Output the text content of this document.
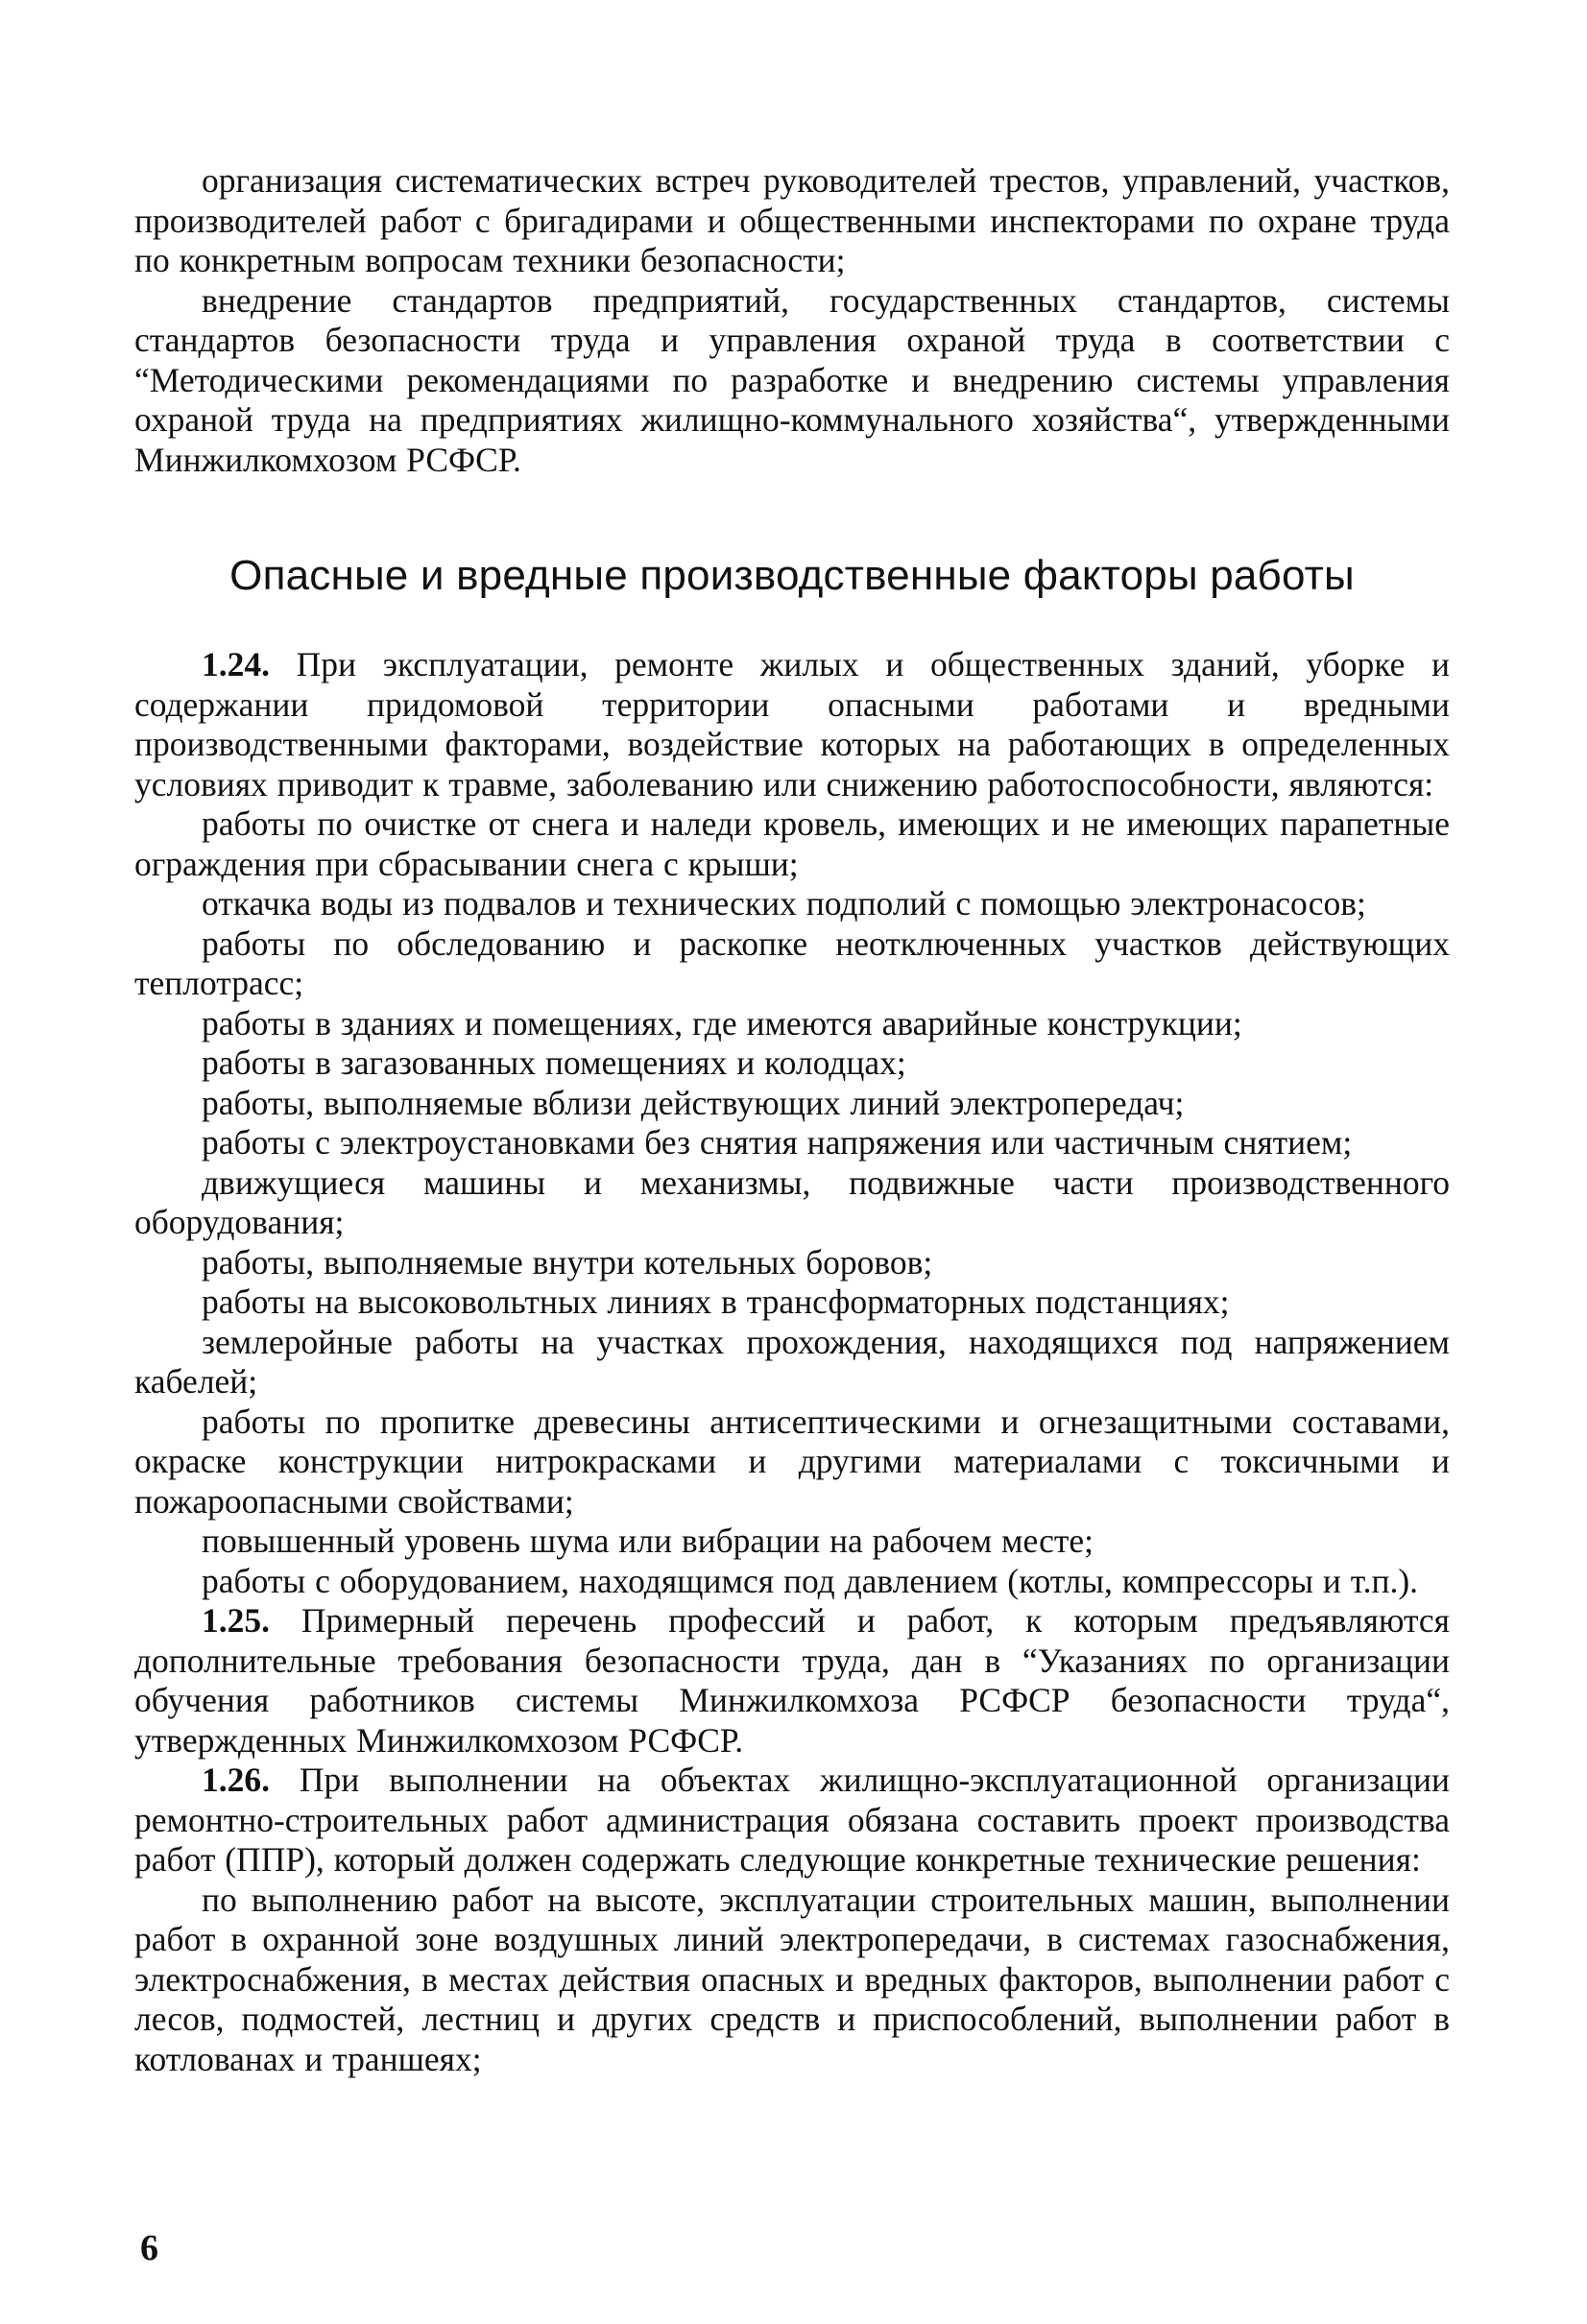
организация систематических встреч руководителей трестов, управлений, участков, производителей работ с бригадирами и общественными инспекторами по охране труда по конкретным вопросам техники безопасности;

внедрение стандартов предприятий, государственных стандартов, системы стандартов безопасности труда и управления охраной труда в соответствии с “Методическими рекомендациями по разработке и внедрению системы управления охраной труда на предприятиях жилищно-коммунального хозяйства“, утвержденными Минжилкомхозом РСФСР.

Опасные и вредные производственные факторы работы

1.24. При эксплуатации, ремонте жилых и общественных зданий, уборке и содержании придомовой территории опасными работами и вредными производственными факторами, воздействие которых на работающих в определенных условиях приводит к травме, заболеванию или снижению работоспособности, являются:

работы по очистке от снега и наледи кровель, имеющих и не имеющих парапетные ограждения при сбрасывании снега с крыши;

откачка воды из подвалов и технических подполий с помощью электронасосов;

работы по обследованию и раскопке неотключенных участков действующих теплотрасс;

работы в зданиях и помещениях, где имеются аварийные конструкции;

работы в загазованных помещениях и колодцах;

работы, выполняемые вблизи действующих линий электропередач;

работы с электроустановками без снятия напряжения или частичным снятием;

движущиеся машины и механизмы, подвижные части производственного оборудования;

работы, выполняемые внутри котельных боровов;

работы на высоковольтных линиях в трансформаторных подстанциях;

землеройные работы на участках прохождения, находящихся под напряжением кабелей;

работы по пропитке древесины антисептическими и огнезащитными составами, окраске конструкции нитрокрасками и другими материалами с токсичными и пожароопасными свойствами;

повышенный уровень шума или вибрации на рабочем месте;

работы с оборудованием, находящимся под давлением (котлы, компрессоры и т.п.).

1.25. Примерный перечень профессий и работ, к которым предъявляются дополнительные требования безопасности труда, дан в “Указаниях по организации обучения работников системы Минжилкомхоза РСФСР безопасности труда“, утвержденных Минжилкомхозом РСФСР.

1.26. При выполнении на объектах жилищно-эксплуатационной организации ремонтно-строительных работ администрация обязана составить проект производства работ (ППР), который должен содержать следующие конкретные технические решения:

по выполнению работ на высоте, эксплуатации строительных машин, выполнении работ в охранной зоне воздушных линий электропередачи, в системах газоснабжения, электроснабжения, в местах действия опасных и вредных факторов, выполнении работ с лесов, подмостей, лестниц и других средств и приспособлений, выполнении работ в котлованах и траншеях;

6
